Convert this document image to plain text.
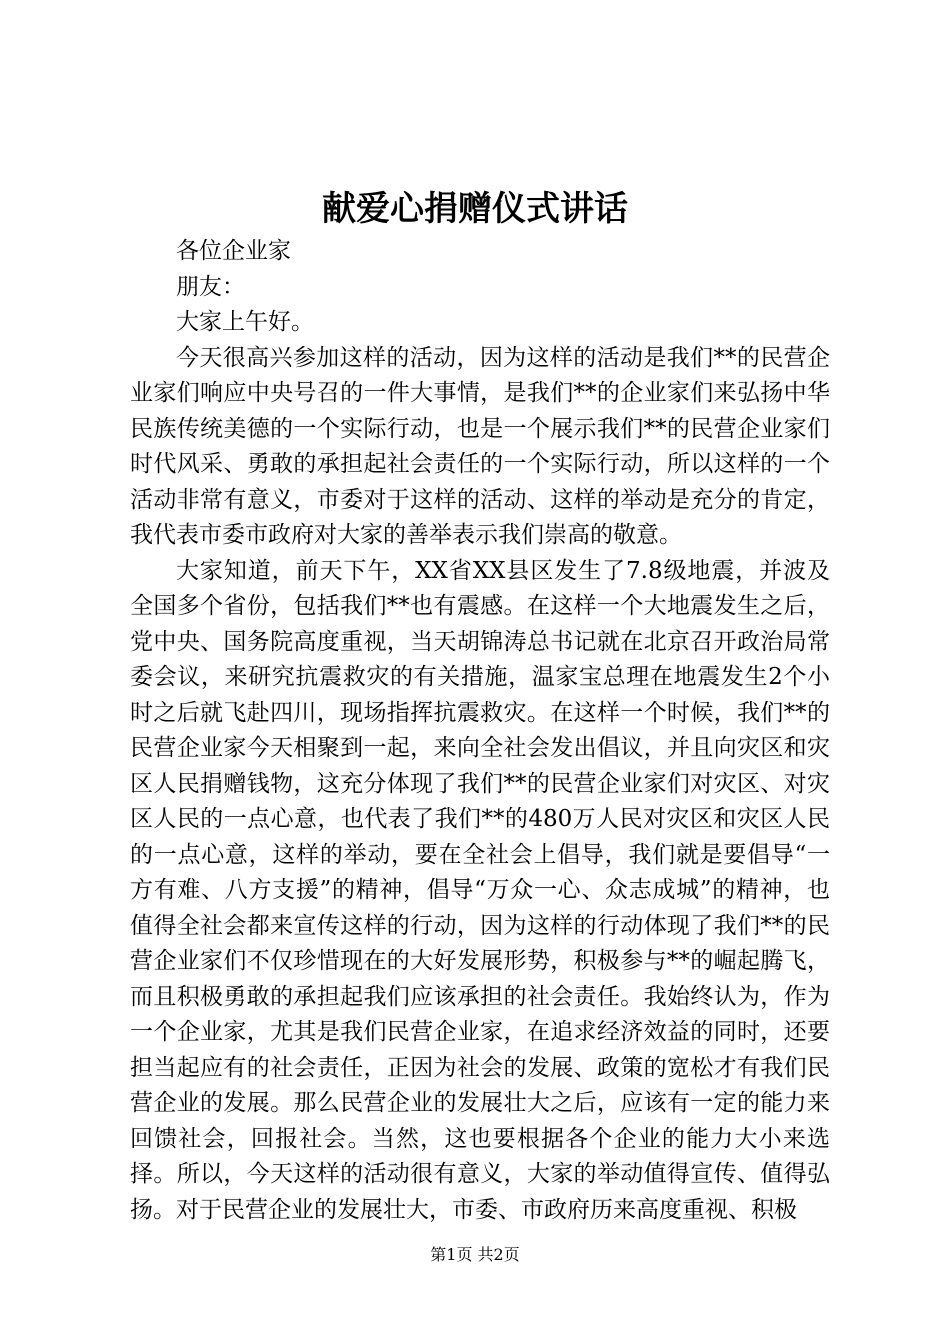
献爱心捐赠仪式讲话

各位企业家

朋友：

大家上午好。

今天很高兴参加这样的活动，因为这样的活动是我们**的民营企业家们响应中央号召的一件大事情，是我们**的企业家们来弘扬中华民族传统美德的一个实际行动，也是一个展示我们**的民营企业家们时代风采、勇敢的承担起社会责任的一个实际行动，所以这样的一个活动非常有意义，市委对于这样的活动、这样的举动是充分的肯定，我代表市委市政府对大家的善举表示我们崇高的敬意。

大家知道，前天下午，XX省XX县区发生了7.8级地震，并波及全国多个省份，包括我们**也有震感。在这样一个大地震发生之后，党中央、国务院高度重视，当天胡锦涛总书记就在北京召开政治局常委会议，来研究抗震救灾的有关措施，温家宝总理在地震发生2个小时之后就飞赴四川，现场指挥抗震救灾。在这样一个时候，我们**的民营企业家今天相聚到一起，来向全社会发出倡议，并且向灾区和灾区人民捐赠钱物，这充分体现了我们**的民营企业家们对灾区、对灾区人民的一点心意，也代表了我们**的480万人民对灾区和灾区人民的一点心意，这样的举动，要在全社会上倡导，我们就是要倡导“一方有难、八方支援”的精神，倡导“万众一心、众志成城”的精神，也值得全社会都来宣传这样的行动，因为这样的行动体现了我们**的民营企业家们不仅珍惜现在的大好发展形势，积极参与**的崛起腾飞，而且积极勇敢的承担起我们应该承担的社会责任。我始终认为，作为一个企业家，尤其是我们民营企业家，在追求经济效益的同时，还要担当起应有的社会责任，正因为社会的发展、政策的宽松才有我们民营企业的发展。那么民营企业的发展壮大之后，应该有一定的能力来回馈社会，回报社会。当然，这也要根据各个企业的能力大小来选择。所以，今天这样的活动很有意义，大家的举动值得宣传、值得弘扬。对于民营企业的发展壮大，市委、市政府历来高度重视、积极

第1页 共2页
